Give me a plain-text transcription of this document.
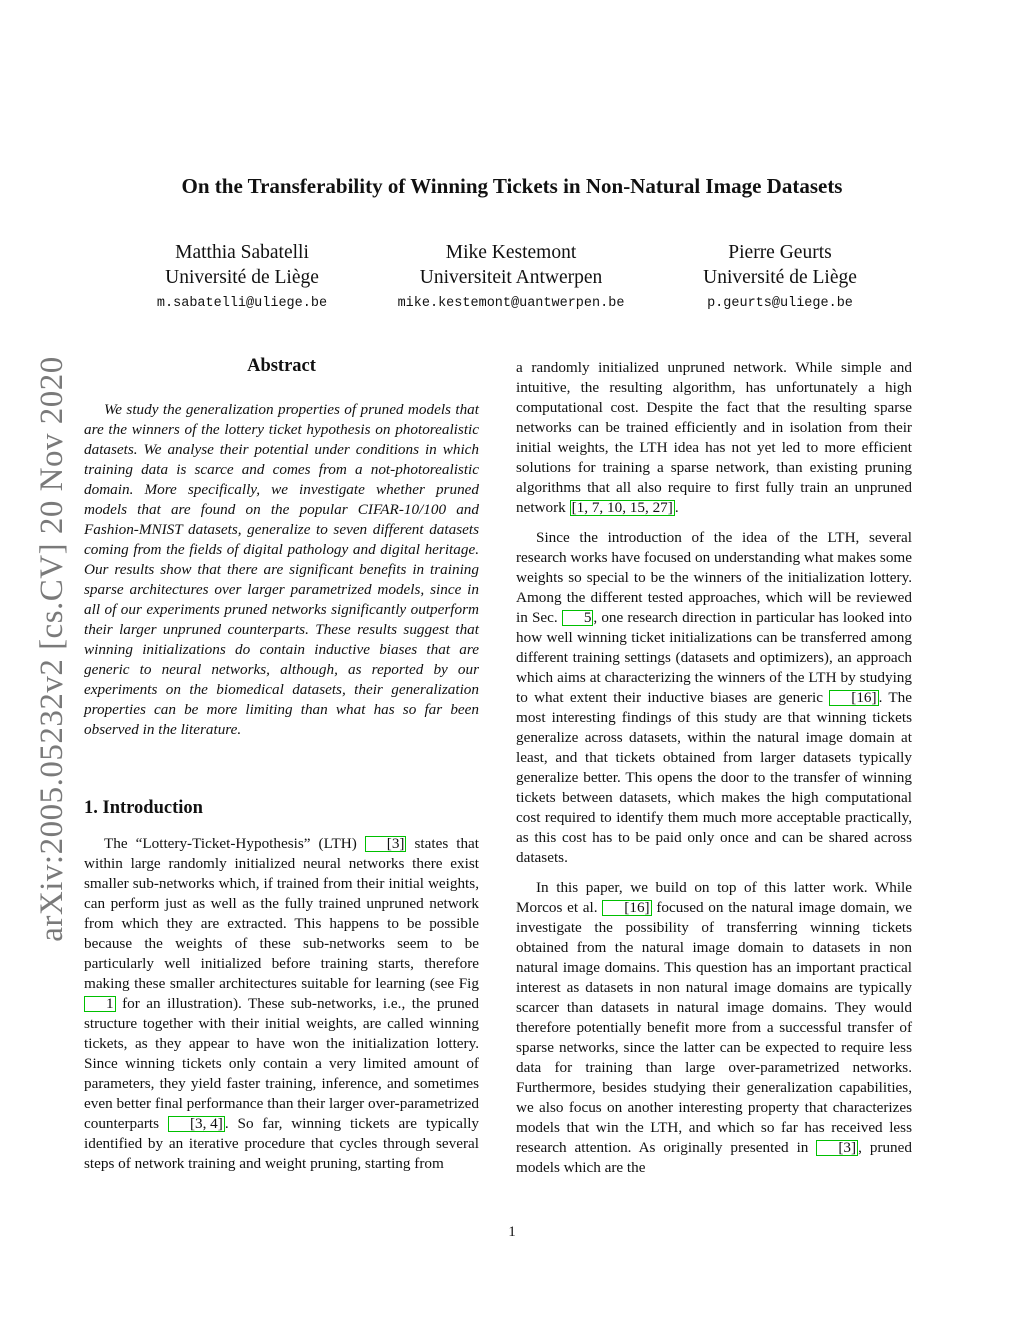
On the Transferability of Winning Tickets in Non-Natural Image Datasets
Matthia Sabatelli
Université de Liège
m.sabatelli@uliege.be
Mike Kestemont
Universiteit Antwerpen
mike.kestemont@uantwerpen.be
Pierre Geurts
Université de Liège
p.geurts@uliege.be
arXiv:2005.05232v2 [cs.CV] 20 Nov 2020	Abstract

We study the generalization properties of pruned models that are the winners of the lottery ticket hypothesis on photorealistic datasets. We analyse their potential under conditions in which training data is scarce and comes from a not-photorealistic domain. More specifically, we investigate whether pruned models that are found on the popular CIFAR-10/100 and Fashion-MNIST datasets, generalize to seven different datasets coming from the fields of digital pathology and digital heritage. Our results show that there are significant benefits in training sparse architectures over larger parametrized models, since in all of our experiments pruned networks significantly outperform their larger unpruned counterparts. These results suggest that winning initializations do contain inductive biases that are generic to neural networks, although, as reported by our experiments on the biomedical datasets, their generalization properties can be more limiting than what has so far been observed in the literature.

1. Introduction

The “Lottery-Ticket-Hypothesis” (LTH) [3] states that within large randomly initialized neural networks there exist smaller sub-networks which, if trained from their initial weights, can perform just as well as the fully trained unpruned network from which they are extracted. This happens to be possible because the weights of these sub-networks seem to be particularly well initialized before training starts, therefore making these smaller architectures suitable for learning (see Fig 1 for an illustration). These sub-networks, i.e., the pruned structure together with their initial weights, are called winning tickets, as they appear to have won the initialization lottery. Since winning tickets only contain a very limited amount of parameters, they yield faster training, inference, and sometimes even better final performance than their larger over-parametrized counterparts [3, 4] . So far, winning tickets are typically identified by an iterative procedure that cycles through several steps of network training and weight pruning, starting from

a randomly initialized unpruned network. While simple and intuitive, the resulting algorithm, has unfortunately a high computational cost. Despite the fact that the resulting sparse networks can be trained efficiently and in isolation from their initial weights, the LTH idea has not yet led to more efficient solutions for training a sparse network, than existing pruning algorithms that all also require to first fully train an unpruned network [1, 7, 10, 15, 27] .

Since the introduction of the idea of the LTH, several research works have focused on understanding what makes some weights so special to be the winners of the initialization lottery. Among the different tested approaches, which will be reviewed in Sec. 5 , one research direction in particular has looked into how well winning ticket initializations can be transferred among different training settings (datasets and optimizers), an approach which aims at characterizing the winners of the LTH by studying to what extent their inductive biases are generic [16] . The most interesting findings of this study are that winning tickets generalize across datasets, within the natural image domain at least, and that tickets obtained from larger datasets typically generalize better. This opens the door to the transfer of winning tickets between datasets, which makes the high computational cost required to identify them much more acceptable practically, as this cost has to be paid only once and can be shared across datasets.

In this paper, we build on top of this latter work. While Morcos et al. [16] focused on the natural image domain, we investigate the possibility of transferring winning tickets obtained from the natural image domain to datasets in non natural image domains. This question has an important practical interest as datasets in non natural image domains are typically scarcer than datasets in natural image domains. They would therefore potentially benefit more from a successful transfer of sparse networks, since the latter can be expected to require less data for training than large over-parametrized networks. Furthermore, besides studying their generalization capabilities, we also focus on another interesting property that characterizes models that win the LTH, and which so far has received less research attention. As originally presented in [3] , pruned models which are the

1
